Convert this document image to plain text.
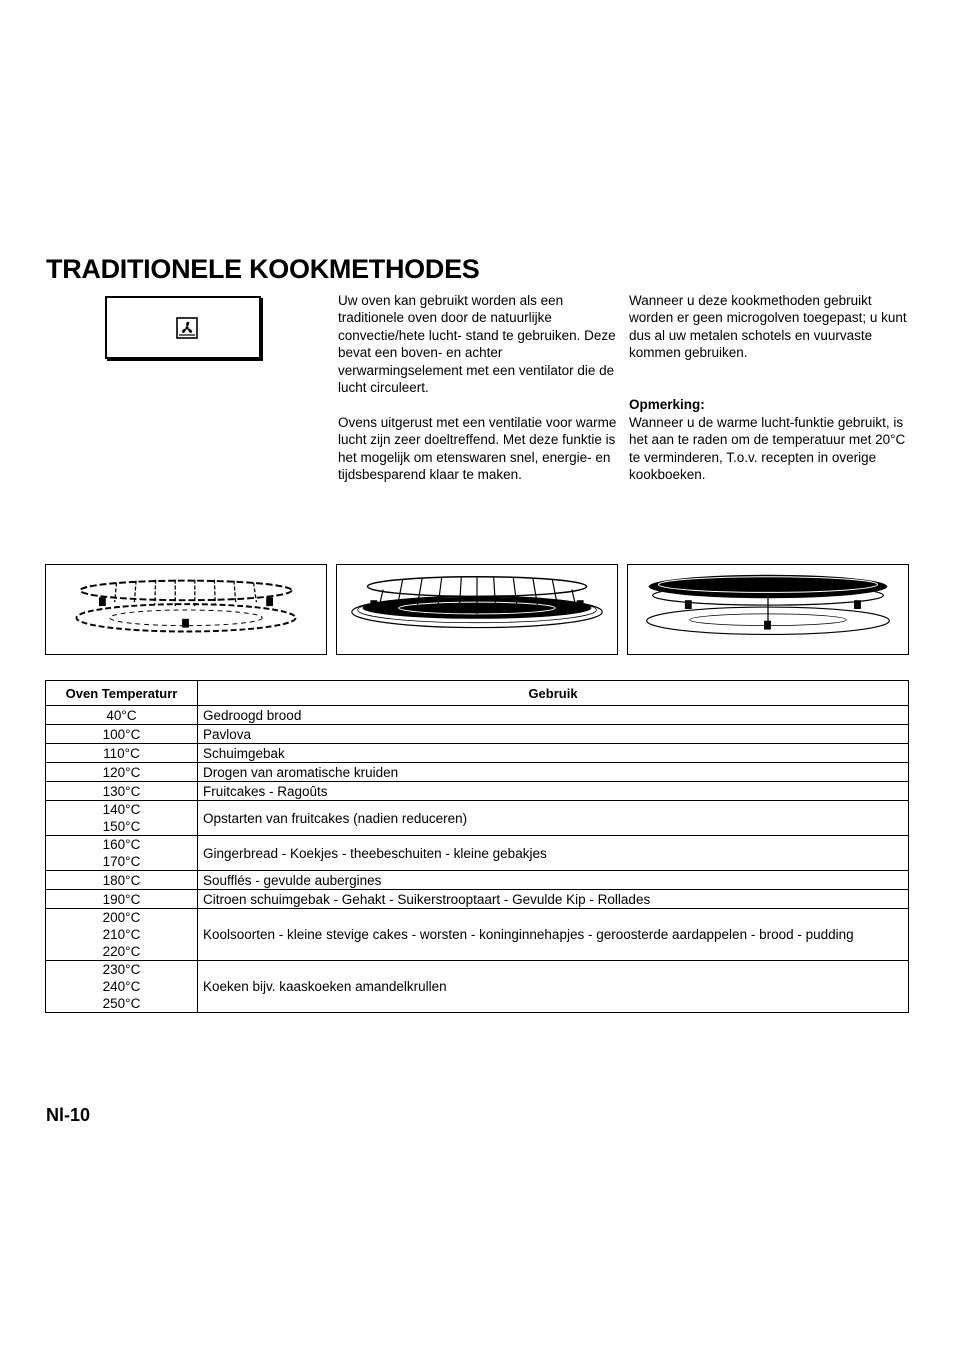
TRADITIONELE KOOKMETHODES

Uw oven kan gebruikt worden als een traditionele oven door de natuurlijke convectie/hete lucht- stand te gebruiken. Deze bevat een boven- en achter verwarmingselement met een ventilator die de lucht circuleert.

Ovens uitgerust met een ventilatie voor warme lucht zijn zeer doeltreffend. Met deze funktie is het mogelijk om etenswaren snel, energie- en tijdsbesparend klaar te maken.

Wanneer u deze kookmethoden gebruikt worden er geen microgolven toegepast; u kunt dus al uw metalen schotels en vuurvaste kommen gebruiken.

Opmerking:
Wanneer u de warme lucht-funktie gebruikt, is het aan te raden om de temperatuur met 20°C te verminderen, T.o.v. recepten in overige kookboeken.
Oven Temperaturr	Gebruik

40°C	Gedroogd brood

100°C	Pavlova

110°C	Schuimgebak

120°C	Drogen van aromatische kruiden

130°C	Fruitcakes - Ragoûts

140°C
150°C	Opstarten van fruitcakes (nadien reduceren)

160°C
170°C	Gingerbread - Koekjes - theebeschuiten - kleine gebakjes

180°C	Soufflés - gevulde aubergines

190°C	Citroen schuimgebak - Gehakt - Suikerstrooptaart - Gevulde Kip - Rollades

200°C
210°C
220°C	Koolsoorten - kleine stevige cakes - worsten - koninginnehapjes - geroosterde aardappelen - brood - pudding

230°C
240°C
250°C	Koeken bijv. kaaskoeken amandelkrullen

Nl-10
